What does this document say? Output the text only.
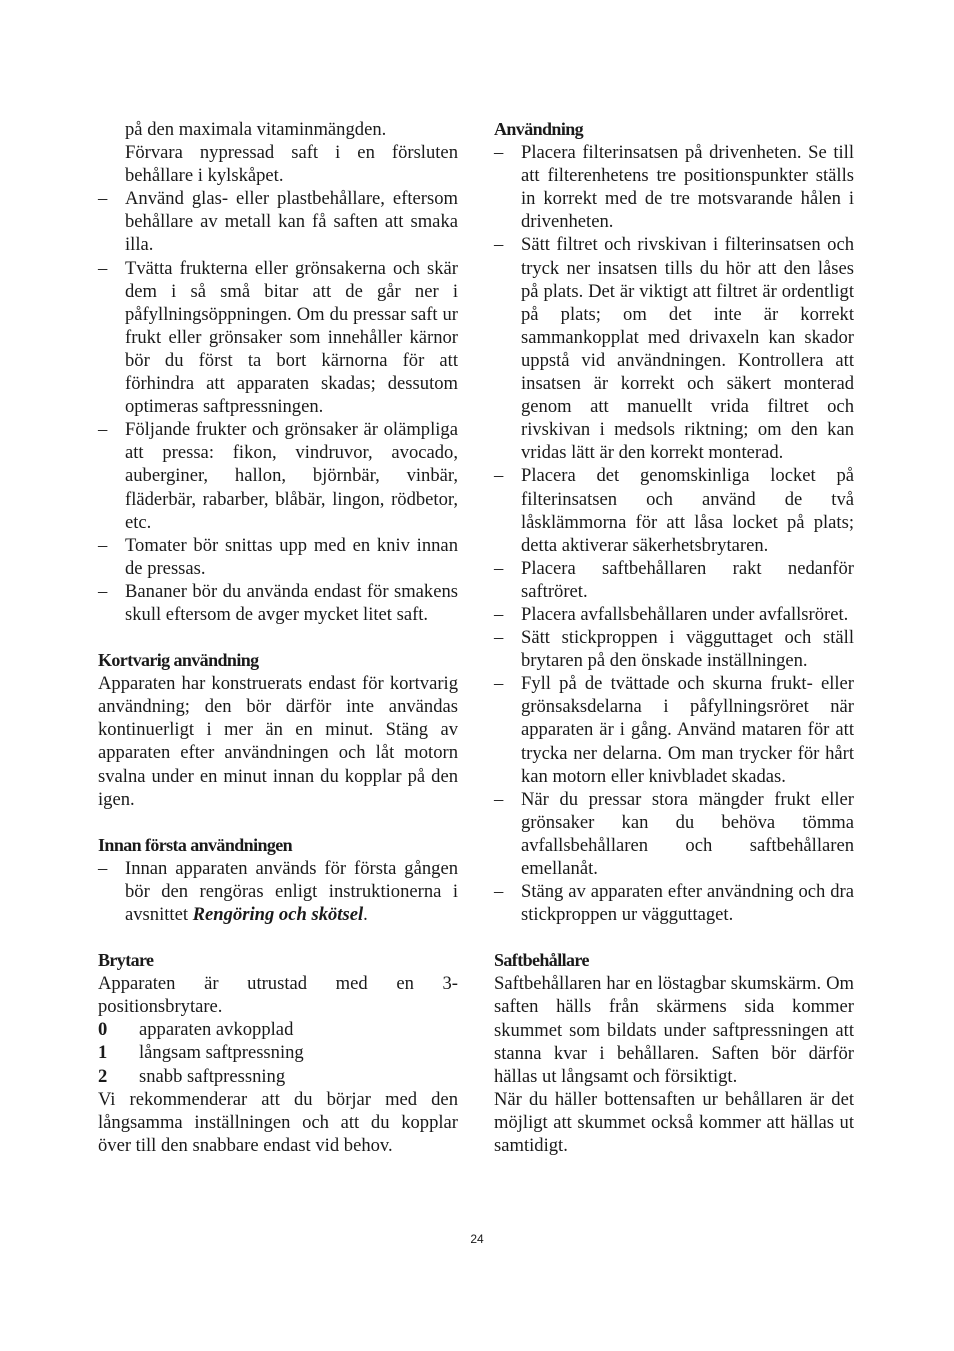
på den maximala vitaminmängden.

Förvara nypressad saft i en försluten behållare i kylskåpet.

– Använd glas- eller plastbehållare, eftersom behållare av metall kan få saften att smaka illa.
– Tvätta frukterna eller grönsakerna och skär dem i så små bitar att de går ner i påfyllningsöppningen. Om du pressar saft ur frukt eller grönsaker som innehåller kärnor bör du först ta bort kärnorna för att förhindra att apparaten skadas; dessutom optimeras saftpressningen.
– Följande frukter och grönsaker är olämpliga att pressa: fikon, vindruvor, avocado, auberginer, hallon, björnbär, vinbär, fläderbär, rabarber, blåbär, lingon, rödbetor, etc.
– Tomater bör snittas upp med en kniv innan de pressas.
– Bananer bör du använda endast för smakens skull eftersom de avger mycket litet saft.
Kortvarig användning

Apparaten har konstruerats endast för kortvarig användning; den bör därför inte användas kontinuerligt i mer än en minut. Stäng av apparaten efter användningen och låt motorn svalna under en minut innan du kopplar på den igen.

Innan första användningen
– Innan apparaten används för första gången bör den rengöras enligt instruktionerna i avsnittet Rengöring och skötsel.
Brytare

Apparaten är utrustad med en 3-positionsbrytare.

0	apparaten avkopplad
1	långsam saftpressning
2	snabb saftpressning

Vi rekommenderar att du börjar med den långsamma inställningen och att du kopplar över till den snabbare endast vid behov.

Användning
– Placera filterinsatsen på drivenheten. Se till att filterenhetens tre positionspunkter ställs in korrekt med de tre motsvarande hålen i drivenheten.
– Sätt filtret och rivskivan i filterinsatsen och tryck ner insatsen tills du hör att den låses på plats. Det är viktigt att filtret är ordentligt på plats; om det inte är korrekt sammankopplat med drivaxeln kan skador uppstå vid användningen. Kontrollera att insatsen är korrekt och säkert monterad genom att manuellt vrida filtret och rivskivan i medsols riktning; om den kan vridas lätt är den korrekt monterad.
– Placera det genomskinliga locket på filterinsatsen och använd de två låsklämmorna för att låsa locket på plats; detta aktiverar säkerhetsbrytaren.
– Placera saftbehållaren rakt nedanför saftröret.
– Placera avfallsbehållaren under avfallsröret.
– Sätt stickproppen i vägguttaget och ställ brytaren på den önskade inställningen.
– Fyll på de tvättade och skurna frukt- eller grönsaksdelarna i påfyllningsröret när apparaten är i gång. Använd mataren för att trycka ner delarna. Om man trycker för hårt kan motorn eller knivbladet skadas.
– När du pressar stora mängder frukt eller grönsaker kan du behöva tömma avfallsbehållaren och saftbehållaren emellanåt.
– Stäng av apparaten efter användning och dra stickproppen ur vägguttaget.
Saftbehållare

Saftbehållaren har en löstagbar skumskärm. Om saften hälls från skärmens sida kommer skummet som bildats under saftpressningen att stanna kvar i behållaren. Saften bör därför hällas ut långsamt och försiktigt.

När du häller bottensaften ur behållaren är det möjligt att skummet också kommer att hällas ut samtidigt.

24
